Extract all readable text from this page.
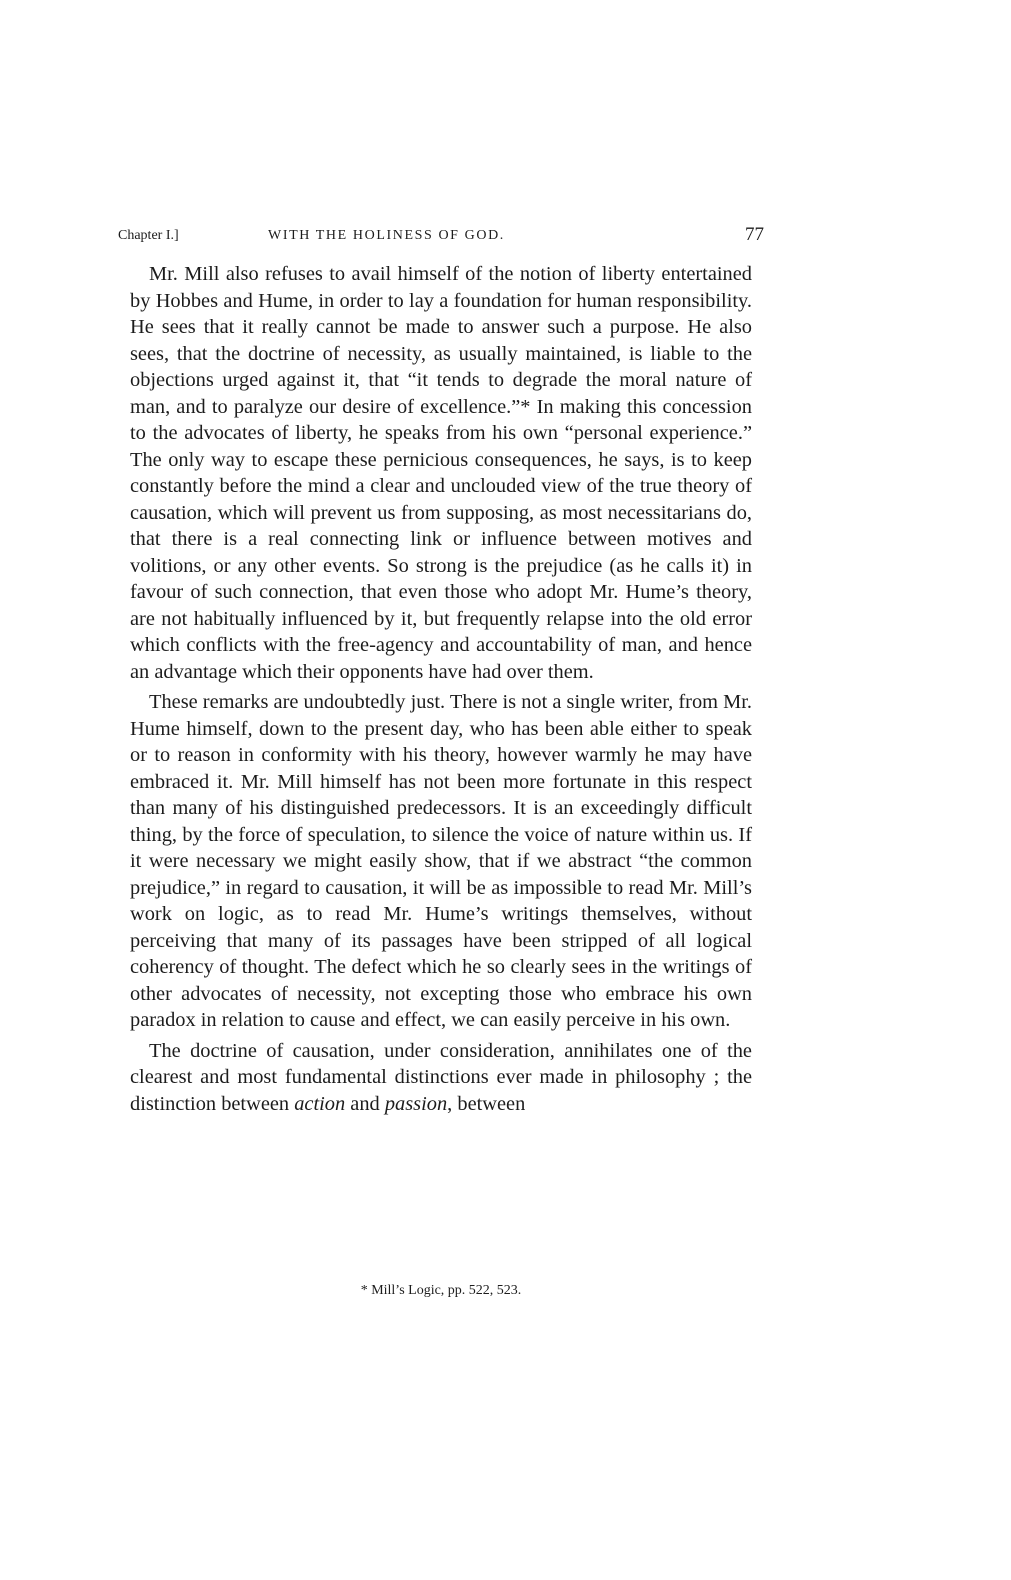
Chapter I.]	WITH THE HOLINESS OF GOD.	77

Mr. Mill also refuses to avail himself of the notion of liberty entertained by Hobbes and Hume, in order to lay a foundation for human responsibility. He sees that it really cannot be made to answer such a purpose. He also sees, that the doctrine of necessity, as usually maintained, is liable to the objections urged against it, that “it tends to degrade the moral nature of man, and to paralyze our desire of excellence.”* In making this concession to the advocates of liberty, he speaks from his own “personal experience.” The only way to escape these pernicious consequences, he says, is to keep constantly before the mind a clear and unclouded view of the true theory of causation, which will prevent us from supposing, as most necessitarians do, that there is a real connecting link or influence between motives and volitions, or any other events. So strong is the prejudice (as he calls it) in favour of such connection, that even those who adopt Mr. Hume’s theory, are not habitually influenced by it, but frequently relapse into the old error which conflicts with the free-agency and accountability of man, and hence an advantage which their opponents have had over them.

These remarks are undoubtedly just. There is not a single writer, from Mr. Hume himself, down to the present day, who has been able either to speak or to reason in conformity with his theory, however warmly he may have embraced it. Mr. Mill himself has not been more fortunate in this respect than many of his distinguished predecessors. It is an exceedingly difficult thing, by the force of speculation, to silence the voice of nature within us. If it were necessary we might easily show, that if we abstract “the common prejudice,” in regard to causation, it will be as impossible to read Mr. Mill’s work on logic, as to read Mr. Hume’s writings themselves, without perceiving that many of its passages have been stripped of all logical coherency of thought. The defect which he so clearly sees in the writings of other advocates of necessity, not excepting those who embrace his own paradox in relation to cause and effect, we can easily perceive in his own.

The doctrine of causation, under consideration, annihilates one of the clearest and most fundamental distinctions ever made in philosophy ; the distinction between action and passion, between

* Mill’s Logic, pp. 522, 523.
